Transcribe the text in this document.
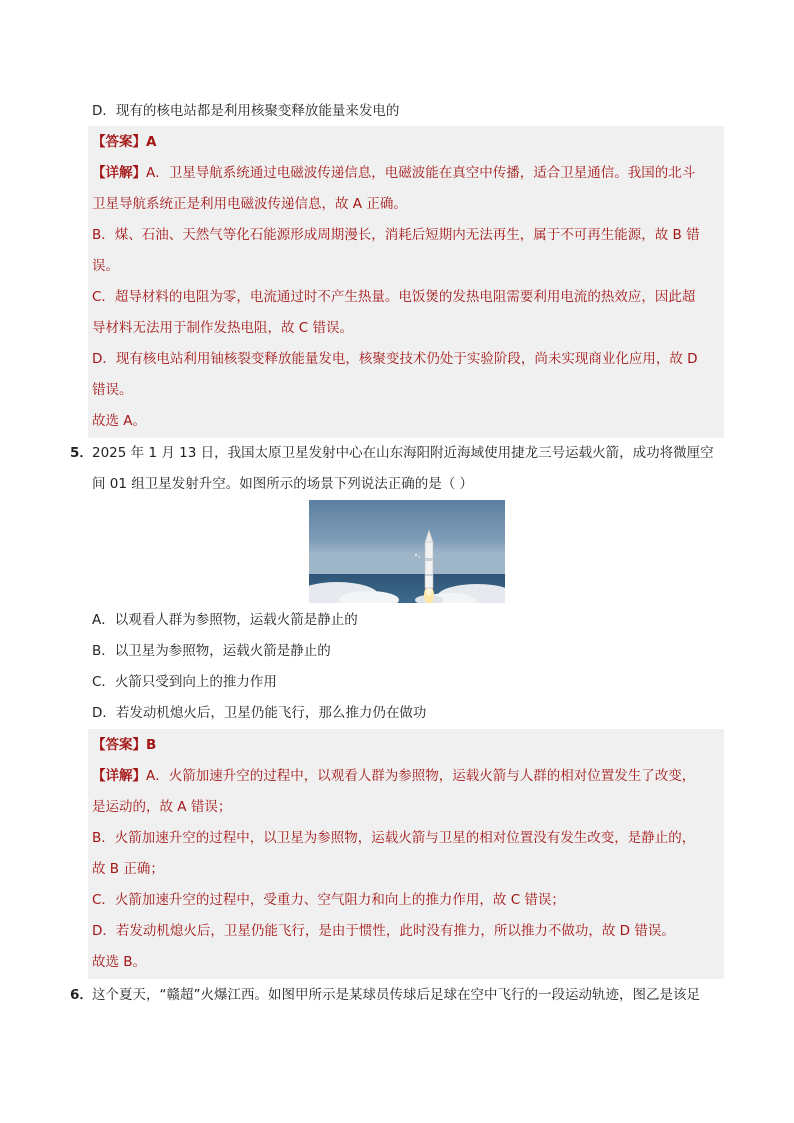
D．现有的核电站都是利用核聚变释放能量来发电的
【答案】A
【详解】A．卫星导航系统通过电磁波传递信息，电磁波能在真空中传播，适合卫星通信。我国的北斗
卫星导航系统正是利用电磁波传递信息，故 A 正确。
B．煤、石油、天然气等化石能源形成周期漫长，消耗后短期内无法再生，属于不可再生能源，故 B 错
误。
C．超导材料的电阻为零，电流通过时不产生热量。电饭煲的发热电阻需要利用电流的热效应，因此超
导材料无法用于制作发热电阻，故 C 错误。
D．现有核电站利用铀核裂变释放能量发电，核聚变技术仍处于实验阶段，尚未实现商业化应用，故 D
错误。
故选 A。
5． 2025 年 1 月 13 日，我国太原卫星发射中心在山东海阳附近海域使用捷龙三号运载火箭，成功将微厘空
间 01 组卫星发射升空。如图所示的场景下列说法正确的是（ ）
A．以观看人群为参照物，运载火箭是静止的
B．以卫星为参照物，运载火箭是静止的
C．火箭只受到向上的推力作用
D．若发动机熄火后，卫星仍能飞行，那么推力仍在做功
【答案】B
【详解】A．火箭加速升空的过程中，以观看人群为参照物，运载火箭与人群的相对位置发生了改变，
是运动的，故 A 错误；
B．火箭加速升空的过程中，以卫星为参照物，运载火箭与卫星的相对位置没有发生改变，是静止的，
故 B 正确；
C．火箭加速升空的过程中，受重力、空气阻力和向上的推力作用，故 C 错误；
D．若发动机熄火后，卫星仍能飞行，是由于惯性，此时没有推力，所以推力不做功，故 D 错误。
故选 B。
6． 这个夏天，“赣超”火爆江西。如图甲所示是某球员传球后足球在空中飞行的一段运动轨迹，图乙是该足
